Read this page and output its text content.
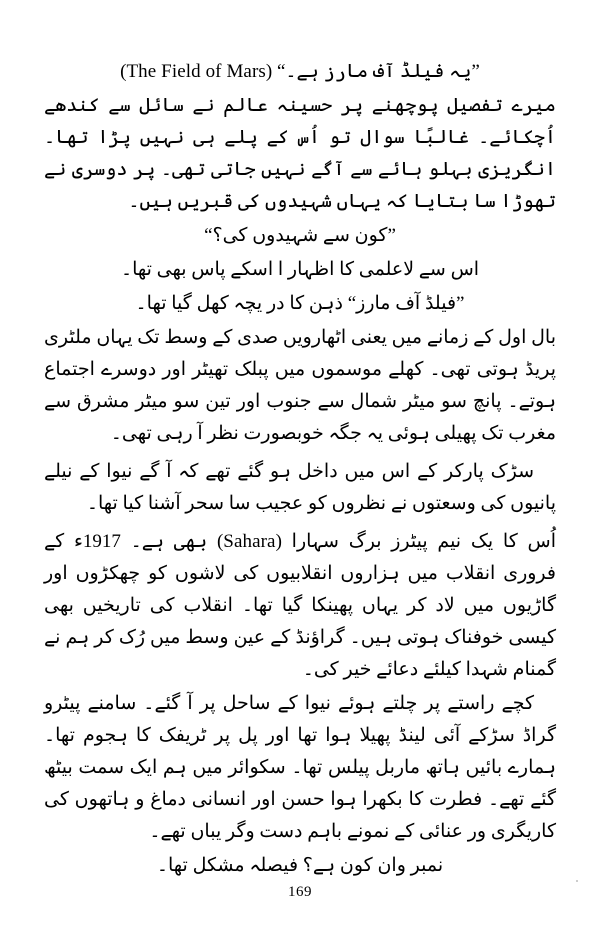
”یہ فیلڈ آف مارز ہے۔“ (The Field of Mars)

میرے تفصیل پوچھنے پر حسینہ عالم نے سائل سے کندھے اُچکائے۔ غالبًا سوال تو اُس کے پلے ہی نہیں پڑا تھا۔ انگریزی بہلو ہائے سے آگے نہیں جاتی تھی۔ پر دوسری نے تھوڑا سا بتایا کہ یہاں شہیدوں کی قبریں ہیں۔

”کون سے شہیدوں کی؟“

اس سے لاعلمی کا اظہار ا اسکے پاس بھی تھا۔

”فیلڈ آف مارز“ ذہن کا در یچہ کھل گیا تھا۔

بال اول کے زمانے میں یعنی اٹھارویں صدی کے وسط تک یہاں ملٹری پریڈ ہوتی تھی۔ کھلے موسموں میں پبلک تھیٹر اور دوسرے اجتماع ہوتے۔ پانچ سو میٹر شمال سے جنوب اور تین سو میٹر مشرق سے مغرب تک پھیلی ہوئی یہ جگہ خوبصورت نظر آ رہی تھی۔

سڑک پارکر کے اس میں داخل ہو گئے تھے کہ آ گے نیوا کے نیلے پانیوں کی وسعتوں نے نظروں کو عجیب سا سحر آشنا کیا تھا۔

اُس کا یک نیم پیٹرز برگ سہارا (Sahara) بھی ہے۔ 1917ء کے فروری انقلاب میں ہزاروں انقلابیوں کی لاشوں کو چھکڑوں اور گاڑیوں میں لاد کر یہاں پھینکا گیا تھا۔ انقلاب کی تاریخیں بھی کیسی خوفناک ہوتی ہیں۔ گراؤنڈ کے عین وسط میں رُک کر ہم نے گمنام شہدا کیلئے دعائے خیر کی۔

کچے راستے پر چلتے ہوئے نیوا کے ساحل پر آ گئے۔ سامنے پیٹرو گراڈ سڑکے آئی لینڈ پھیلا ہوا تھا اور پل پر ٹریفک کا ہجوم تھا۔ ہمارے بائیں ہاتھ ماربل پیلس تھا۔ سکوائر میں ہم ایک سمت بیٹھ گئے تھے۔ فطرت کا بکھرا ہوا حسن اور انسانی دماغ و ہاتھوں کی کاریگری ور عنائی کے نمونے باہم دست وگر یباں تھے۔

نمبر وان کون ہے؟ فیصلہ مشکل تھا۔

169
